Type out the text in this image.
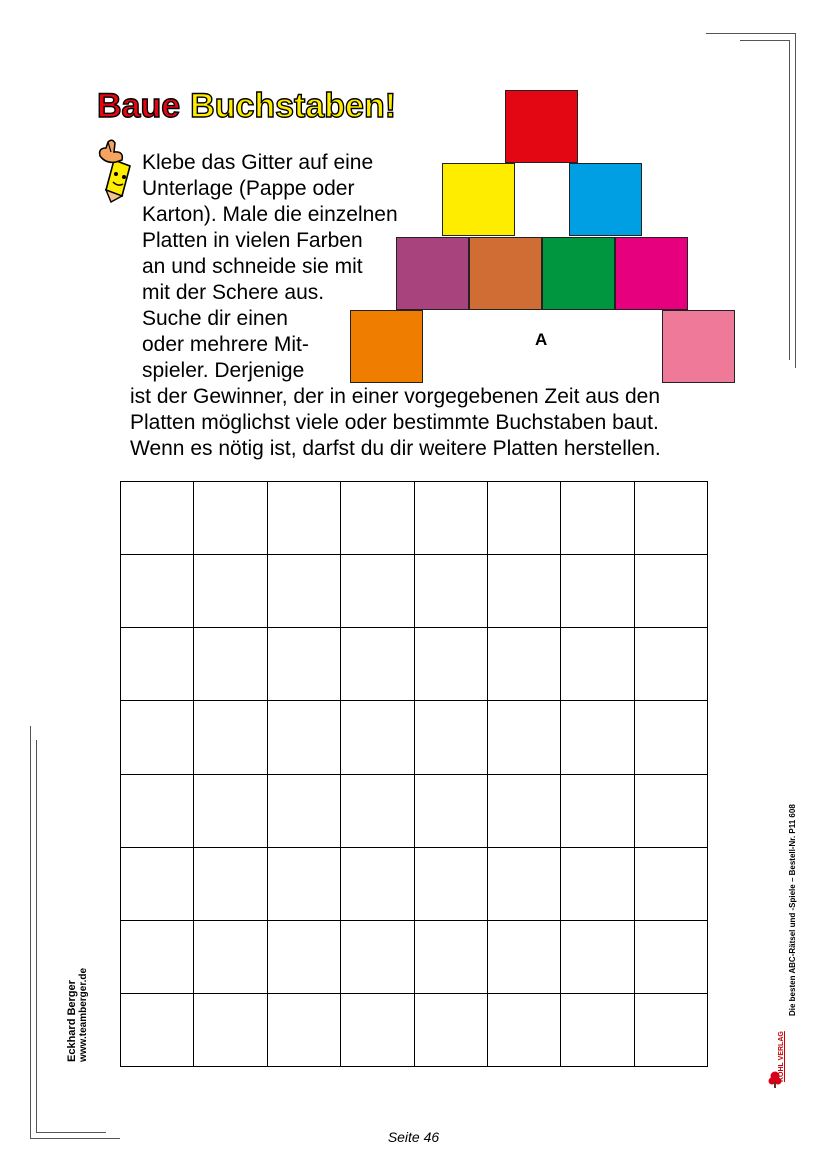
Baue Buchstaben!
Klebe das Gitter auf eine
Unterlage (Pappe oder
Karton). Male die einzelnen
Platten in vielen Farben
an und schneide sie mit
mit der Schere aus.
Suche dir einen
oder mehrere Mit-
spieler. Derjenige
ist der Gewinner, der in einer vorgegebenen Zeit aus den
Platten möglichst viele oder bestimmte Buchstaben baut.
Wenn es nötig ist, darfst du dir weitere Platten herstellen.
A
Eckhard Berger www.teamberger.de	Die besten ABC-Rätsel und -Spiele – Bestell-Nr. P11 608
KOHL VERLAG
Seite 46
